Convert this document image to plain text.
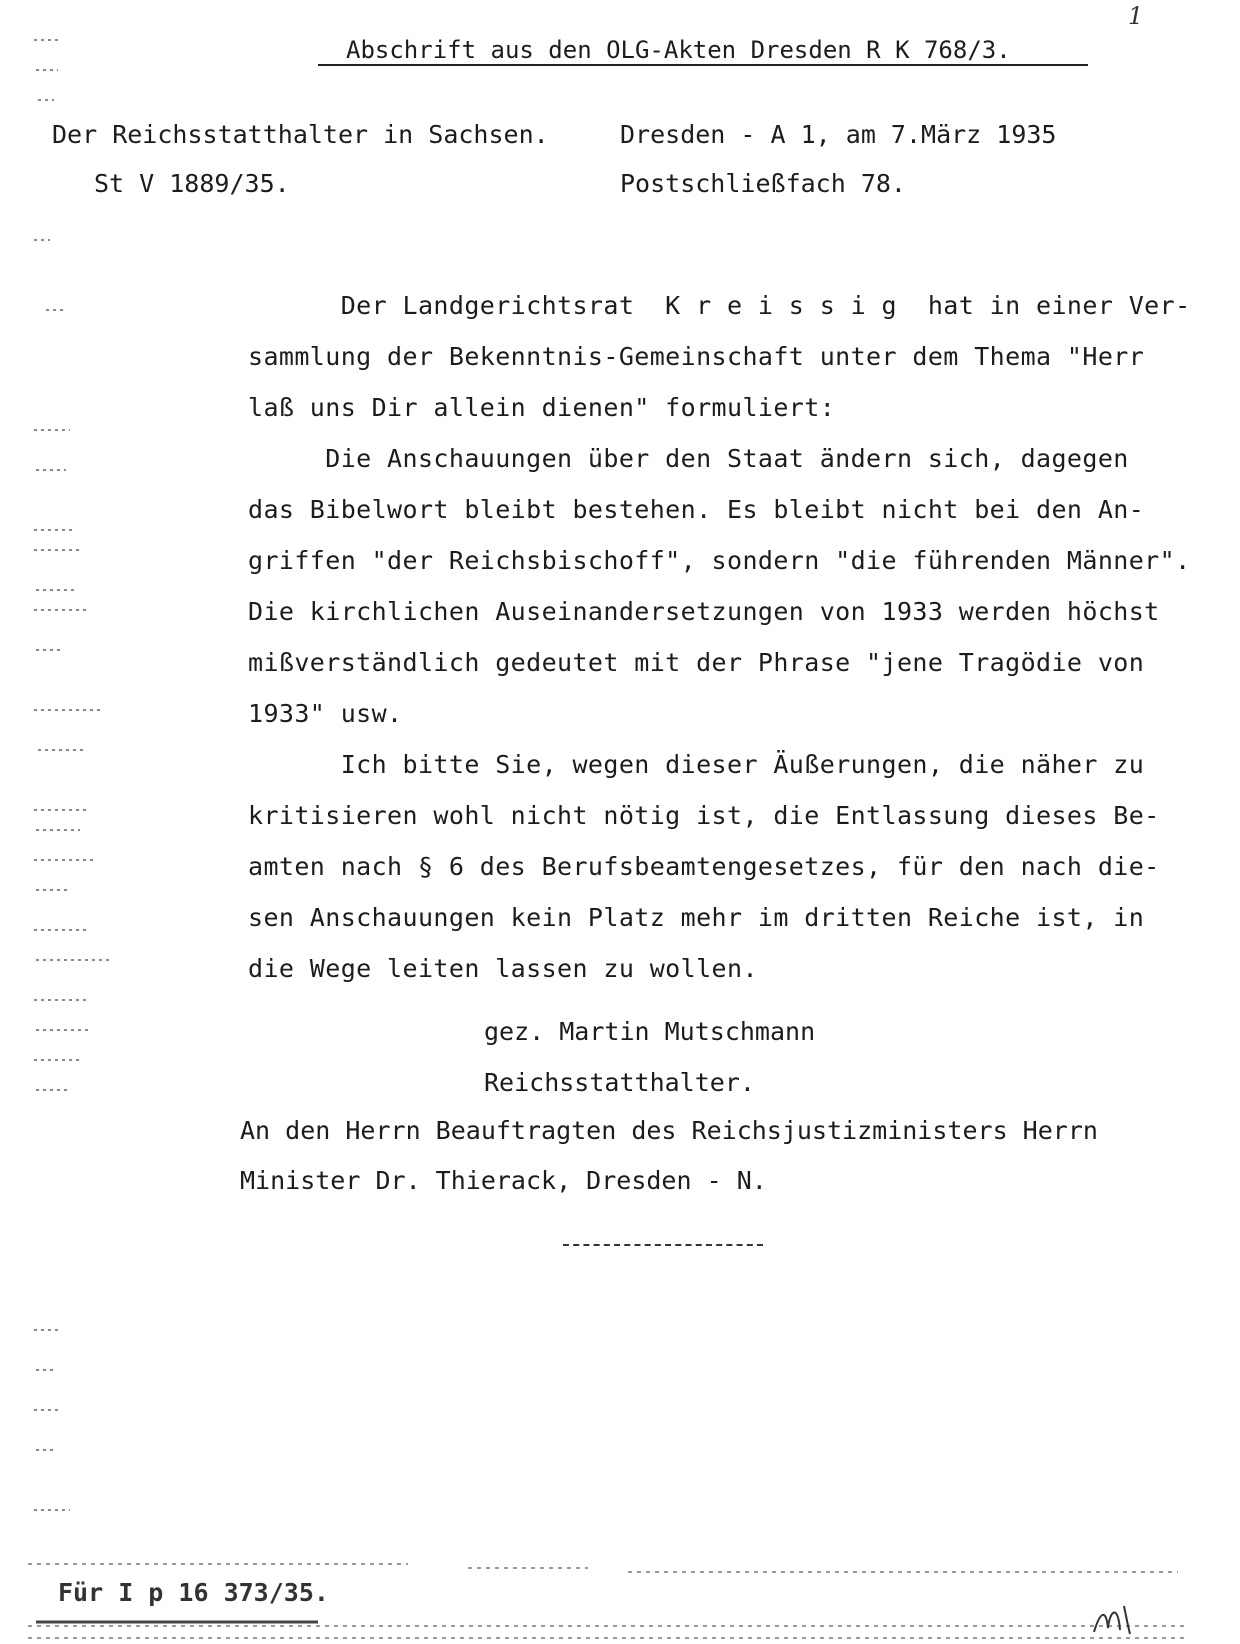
1
Abschrift aus den OLG-Akten Dresden R K 768/3.
Der Reichsstatthalter in Sachsen.
St V 1889/35.
Dresden - A 1, am 7.März 1935
Postschließfach 78.

Der Landgerichtsrat  K r e i s s i g  hat in einer Ver-

sammlung der Bekenntnis-Gemeinschaft unter dem Thema "Herr

laß uns Dir allein dienen" formuliert:

Die Anschauungen über den Staat ändern sich, dagegen

das Bibelwort bleibt bestehen. Es bleibt nicht bei den An-

griffen "der Reichsbischoff", sondern "die führenden Männer".

Die kirchlichen Auseinandersetzungen von 1933 werden höchst

mißverständlich gedeutet mit der Phrase "jene Tragödie von

1933" usw.

Ich bitte Sie, wegen dieser Äußerungen, die näher zu

kritisieren wohl nicht nötig ist, die Entlassung dieses Be-

amten nach § 6 des Berufsbeamtengesetzes, für den nach die-

sen Anschauungen kein Platz mehr im dritten Reiche ist, in

die Wege leiten lassen zu wollen.

gez. Martin Mutschmann
Reichsstatthalter.
An den Herrn Beauftragten des Reichsjustizministers Herrn
Minister Dr. Thierack, Dresden - N.
Für I p 16 373/35.
